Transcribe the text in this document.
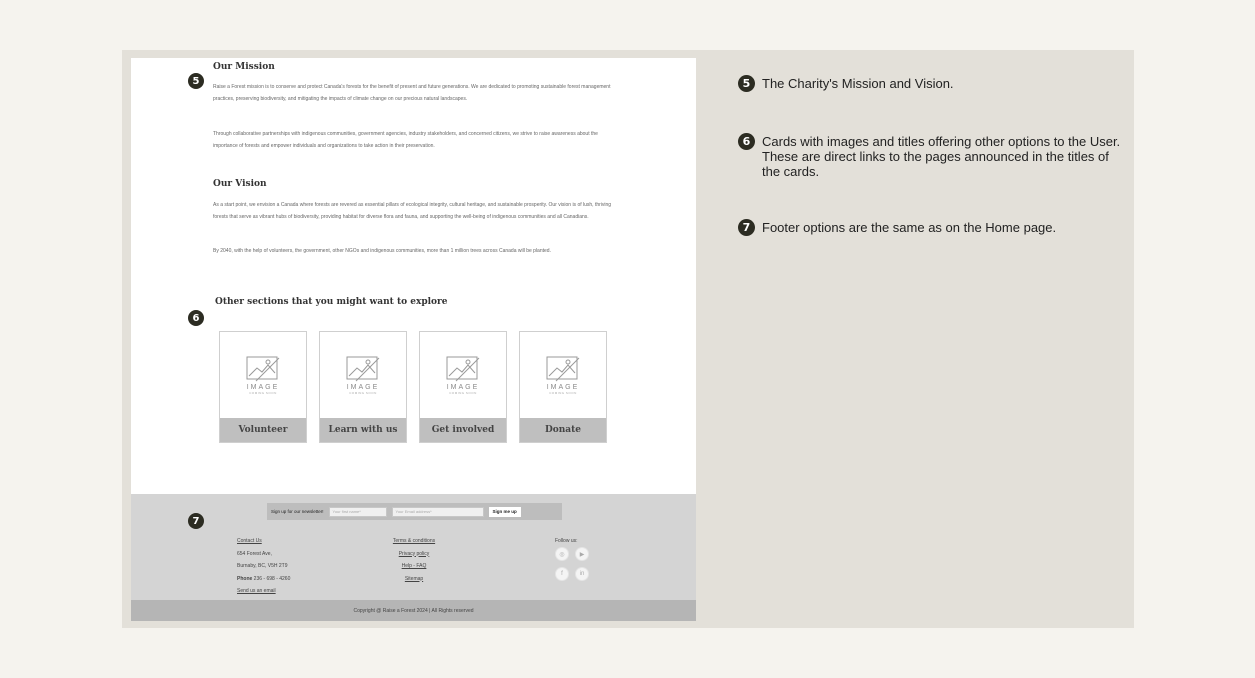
Our Mission

Raise a Forest mission is to conserve and protect Canada's forests for the benefit of present and future generations. We are dedicated to promoting sustainable forest management practices, preserving biodiversity, and mitigating the impacts of climate change on our precious natural landscapes.

Through collaborative partnerships with indigenous communities, government agencies, industry stakeholders, and concerned citizens, we strive to raise awareness about the importance of forests and empower individuals and organizations to take action in their preservation.

Our Vision

As a start point, we envision a Canada where forests are revered as essential pillars of ecological integrity, cultural heritage, and sustainable prosperity. Our vision is of lush, thriving forests that serve as vibrant hubs of biodiversity, providing habitat for diverse flora and fauna, and supporting the well-being of indigenous communities and all Canadians.

By 2040, with the help of volunteers, the government, other NGOs and indigenous communities, more than 1 million trees across Canada will be planted.

Other sections that you might want to explore
IMAGE
COMING SOON
Volunteer
IMAGE
COMING SOON
Learn with us
IMAGE
COMING SOON
Get involved
IMAGE
COMING SOON
Donate
Sign up for our newsletter!	Your first name*	Your Email address*	Sign me up
Contact Us
654 Forest Ave,
Burnaby, BC, V5H 2T9
Phone 236 - 698 - 4260
Send us an email
Terms & conditions
Privacy policy
Help - FAQ
Sitemap
Follow us:
◎	▶
f	in
Copyright @ Raise a Forest 2024 | All Rights reserved
5
6
7
5 The Charity's Mission and Vision.
6 Cards with images and titles offering other options to the User. These are direct links to the pages announced in the titles of the cards.
7 Footer options are the same as on the Home page.
